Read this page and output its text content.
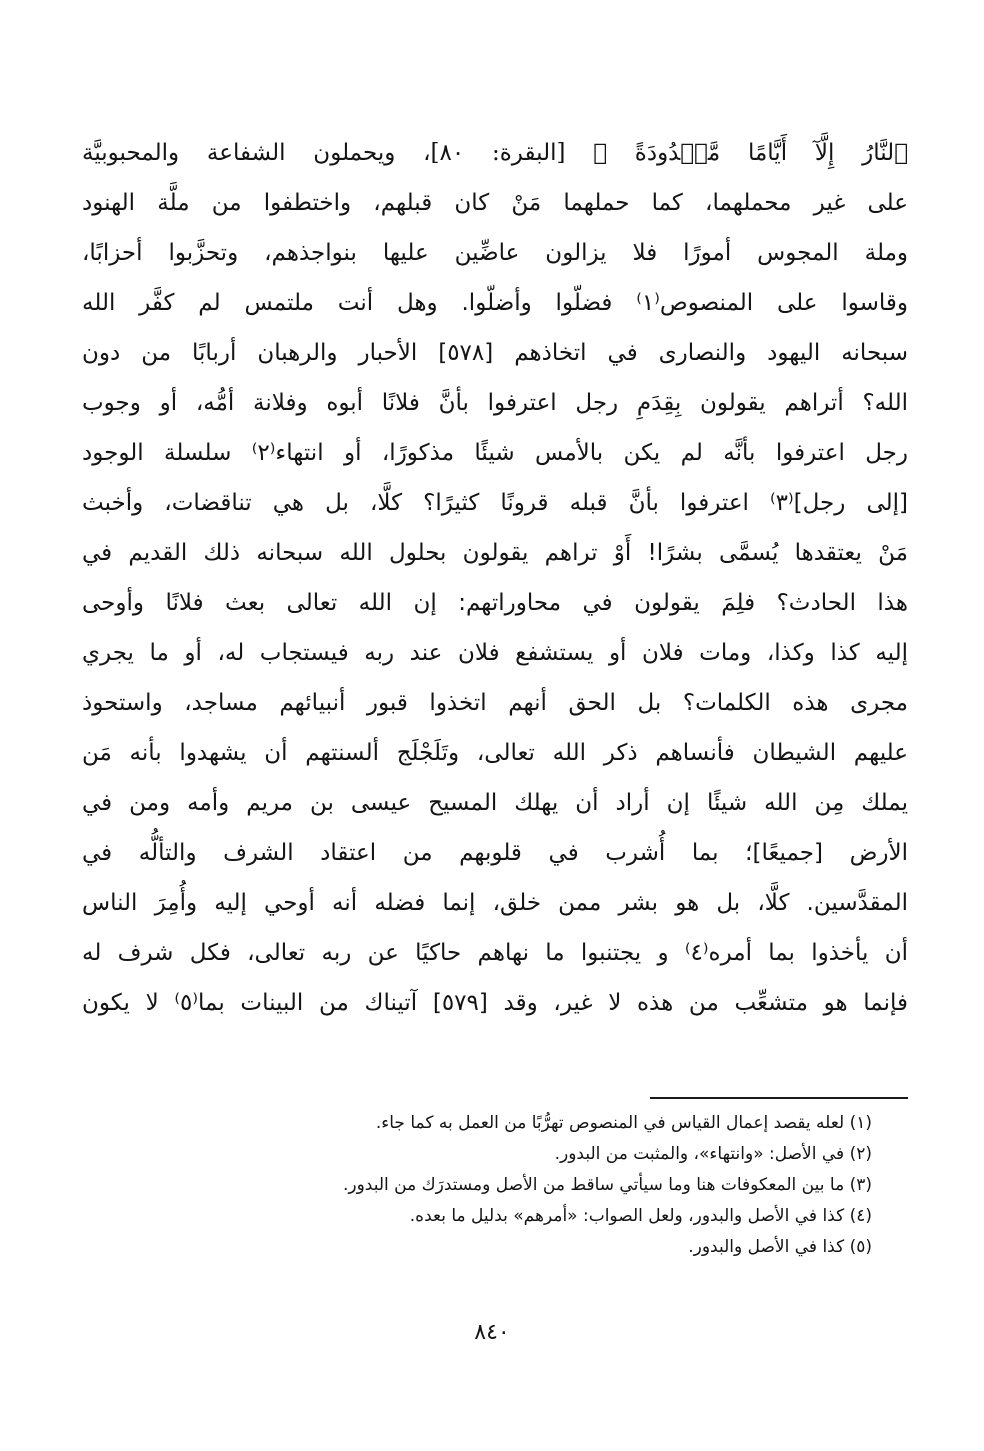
ٱلنَّارُ إِلَّآ أَيَّامًا مَّعۡدُودَةً ﴾ [البقرة: ٨٠]، ويحملون الشفاعة والمحبوبيَّة
على غير محملهما، كما حملهما مَنْ كان قبلهم، واختطفوا من ملَّة الهنود
وملة المجوس أمورًا فلا يزالون عاضِّين عليها بنواجذهم، وتحزَّبوا أحزابًا،
وقاسوا على المنصوص⁽١⁾ فضلّوا وأضلّوا. وهل أنت ملتمس لم كفَّر الله
سبحانه اليهود والنصارى في اتخاذهم [٥٧٨] الأحبار والرهبان أربابًا من دون
الله؟ أتراهم يقولون بِقِدَمِ رجل اعترفوا بأنَّ فلانًا أبوه وفلانة أمُّه، أو وجوب
رجل اعترفوا بأنَّه لم يكن بالأمس شيئًا مذكورًا، أو انتهاء⁽٢⁾ سلسلة الوجود
[إلى رجل]⁽٣⁾ اعترفوا بأنَّ قبله قرونًا كثيرًا؟ كلَّا، بل هي تناقضات، وأخبث
مَنْ يعتقدها يُسمَّى بشرًا! أَوْ تراهم يقولون بحلول الله سبحانه ذلك القديم في
هذا الحادث؟ فلِمَ يقولون في محاوراتهم: إن الله تعالى بعث فلانًا وأوحى
إليه كذا وكذا، ومات فلان أو يستشفع فلان عند ربه فيستجاب له، أو ما يجري
مجرى هذه الكلمات؟ بل الحق أنهم اتخذوا قبور أنبيائهم مساجد، واستحوذ
عليهم الشيطان فأنساهم ذكر الله تعالى، وتَلَجْلَج ألسنتهم أن يشهدوا بأنه مَن
يملك مِن الله شيئًا إن أراد أن يهلك المسيح عيسى بن مريم وأمه ومن في
الأرض [جميعًا]؛ بما أُشرب في قلوبهم من اعتقاد الشرف والتألُّه في
المقدَّسين. كلَّا، بل هو بشر ممن خلق، إنما فضله أنه أوحي إليه وأُمِرَ الناس
أن يأخذوا بما أمره⁽٤⁾ و يجتنبوا ما نهاهم حاكيًا عن ربه تعالى، فكل شرف له
فإنما هو متشعِّب من هذه لا غير، وقد [٥٧٩] آتيناك من البينات بما⁽٥⁾ لا يكون
(١) لعله يقصد إعمال القياس في المنصوص تهرُّبًا من العمل به كما جاء.
(٢) في الأصل: «وانتهاء»، والمثبت من البدور.
(٣) ما بين المعكوفات هنا وما سيأتي ساقط من الأصل ومستدرَك من البدور.
(٤) كذا في الأصل والبدور، ولعل الصواب: «أمرهم» بدليل ما بعده.
(٥) كذا في الأصل والبدور.
٨٤٠
